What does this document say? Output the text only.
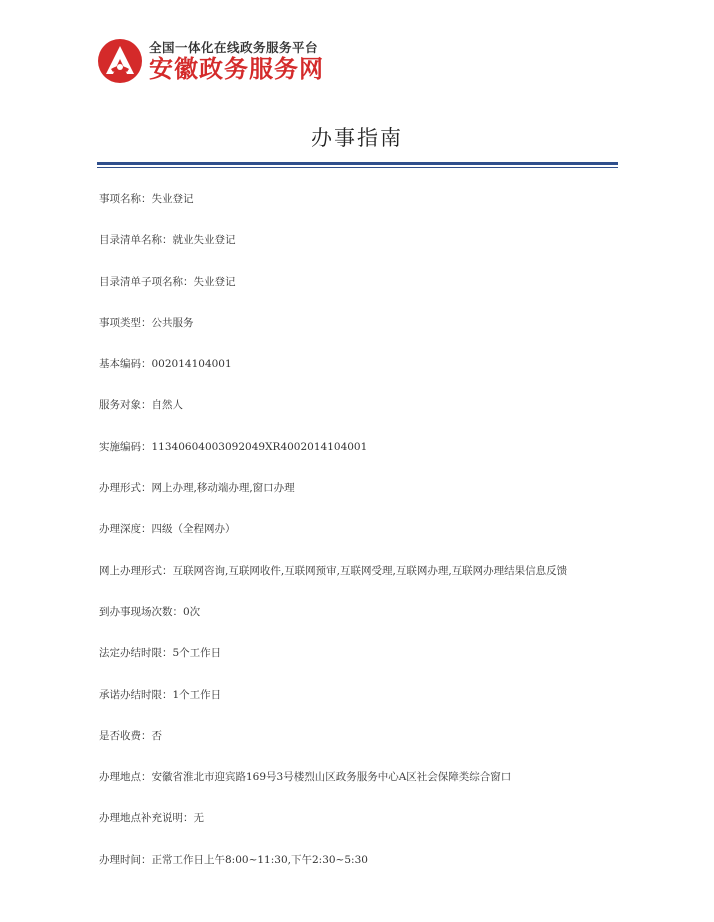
全国一体化在线政务服务平台
安徽政务服务网
办事指南
事项名称：失业登记
目录清单名称：就业失业登记
目录清单子项名称：失业登记
事项类型：公共服务
基本编码：002014104001
服务对象：自然人
实施编码：11340604003092049XR4002014104001
办理形式：网上办理,移动端办理,窗口办理
办理深度：四级（全程网办）
网上办理形式：互联网咨询,互联网收件,互联网预审,互联网受理,互联网办理,互联网办理结果信息反馈
到办事现场次数：0次
法定办结时限：5个工作日
承诺办结时限：1个工作日
是否收费：否
办理地点：安徽省淮北市迎宾路169号3号楼烈山区政务服务中心A区社会保障类综合窗口
办理地点补充说明：无
办理时间：正常工作日上午8:00~11:30,下午2:30~5:30
